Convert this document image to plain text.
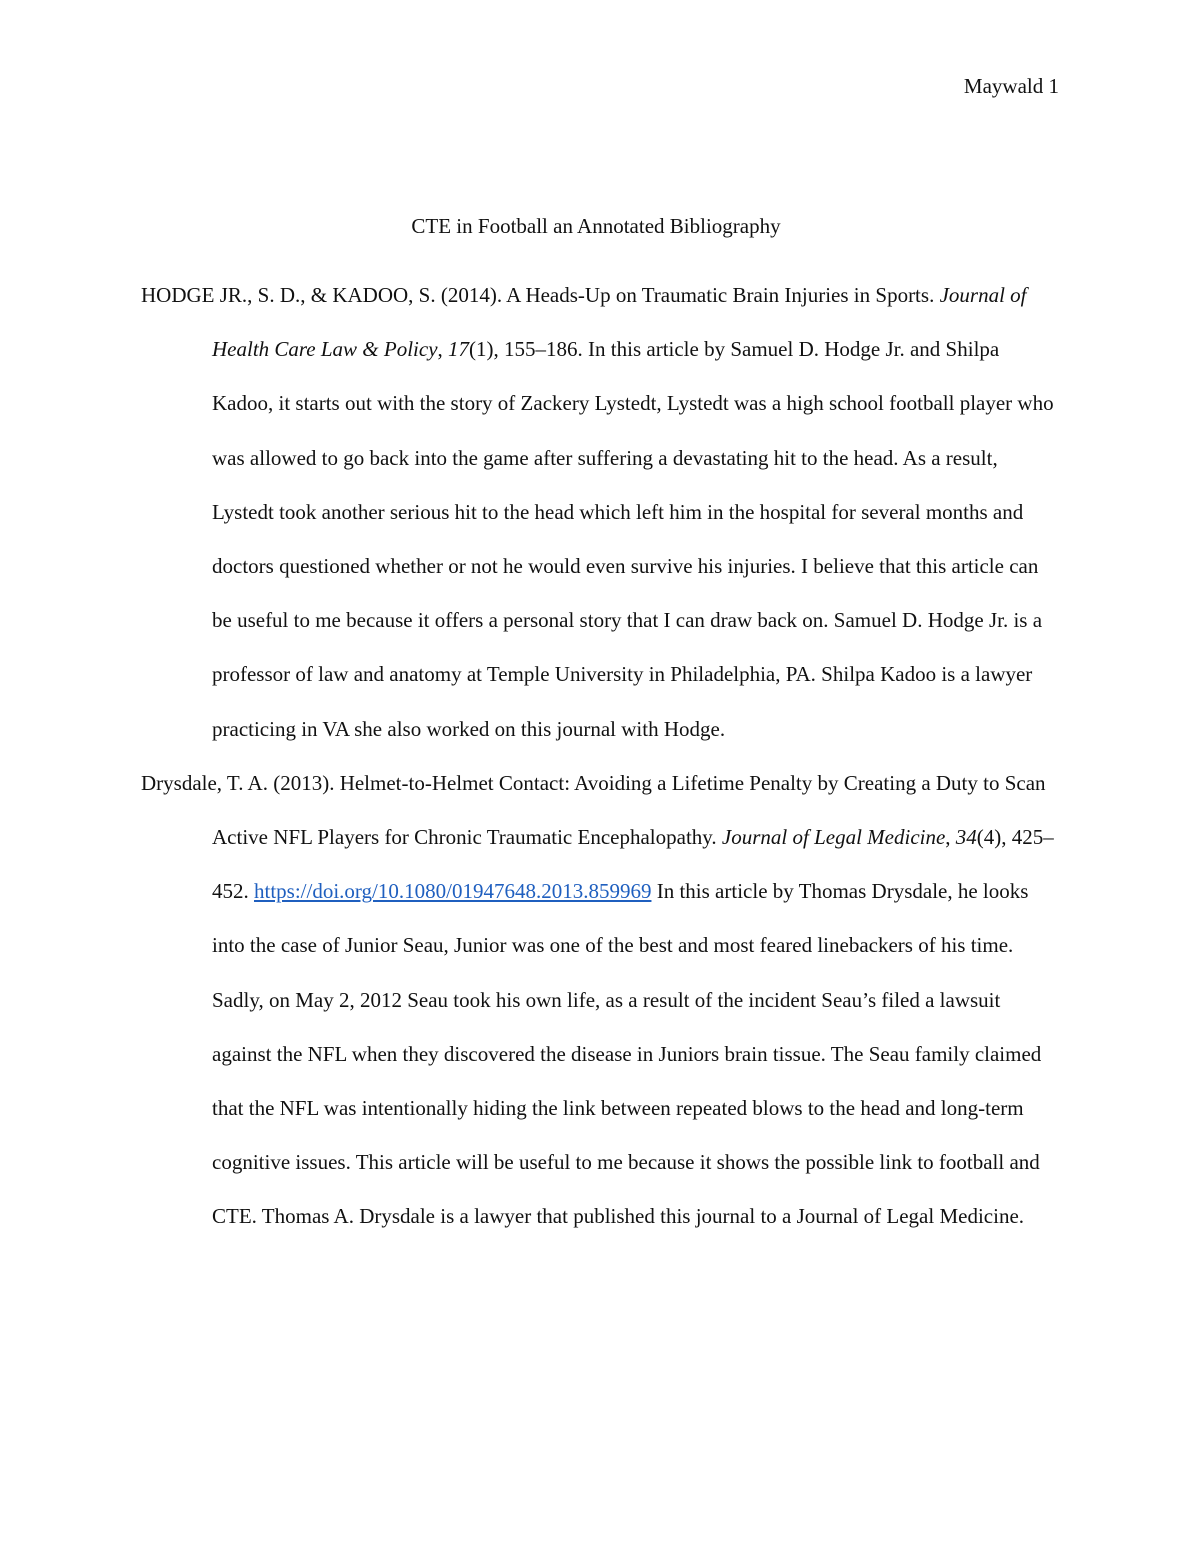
Maywald 1
CTE in Football an Annotated Bibliography

HODGE JR., S. D., & KADOO, S. (2014). A Heads-Up on Traumatic Brain Injuries in Sports. Journal of Health Care Law & Policy, 17(1), 155–186. In this article by Samuel D. Hodge Jr. and Shilpa Kadoo, it starts out with the story of Zackery Lystedt, Lystedt was a high school football player who was allowed to go back into the game after suffering a devastating hit to the head. As a result, Lystedt took another serious hit to the head which left him in the hospital for several months and doctors questioned whether or not he would even survive his injuries. I believe that this article can be useful to me because it offers a personal story that I can draw back on. Samuel D. Hodge Jr. is a professor of law and anatomy at Temple University in Philadelphia, PA. Shilpa Kadoo is a lawyer practicing in VA she also worked on this journal with Hodge.

Drysdale, T. A. (2013). Helmet-to-Helmet Contact: Avoiding a Lifetime Penalty by Creating a Duty to Scan Active NFL Players for Chronic Traumatic Encephalopathy. Journal of Legal Medicine, 34(4), 425–452. https://doi.org/10.1080/01947648.2013.859969 In this article by Thomas Drysdale, he looks into the case of Junior Seau, Junior was one of the best and most feared linebackers of his time. Sadly, on May 2, 2012 Seau took his own life, as a result of the incident Seau’s filed a lawsuit against the NFL when they discovered the disease in Juniors brain tissue. The Seau family claimed that the NFL was intentionally hiding the link between repeated blows to the head and long-term cognitive issues. This article will be useful to me because it shows the possible link to football and CTE. Thomas A. Drysdale is a lawyer that published this journal to a Journal of Legal Medicine.
